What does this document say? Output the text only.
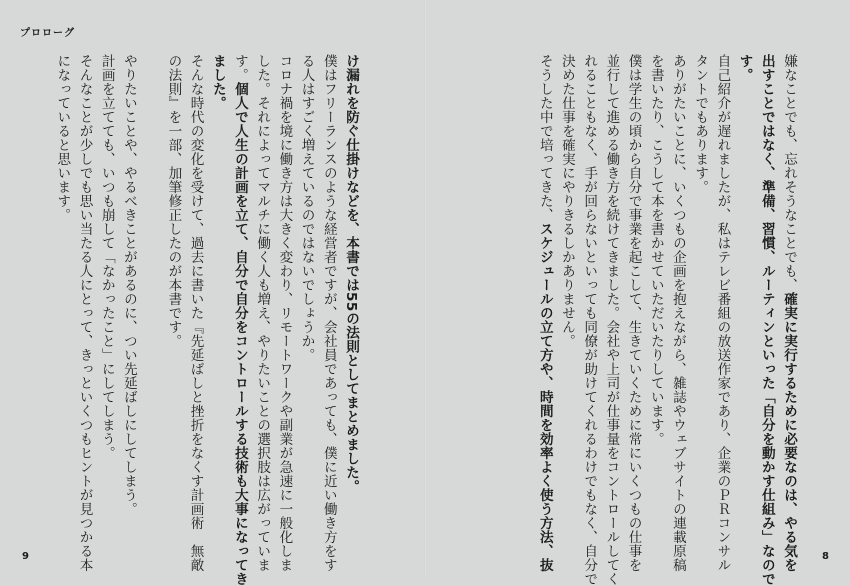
プロローグ
け漏れを防ぐ仕掛けなどを、本書では55の法則としてまとめました。
僕はフリーランスのような経営者ですが、会社員であっても、僕に近い働き方をす
る人はすごく増えているのではないでしょうか。
コロナ禍を境に働き方は大きく変わり、リモートワークや副業が急速に一般化しま
した。それによってマルチに働く人も増え、やりたいことの選択肢は広がっていま
す。個人で人生の計画を立て、自分で自分をコントロールする技術も大事になってき
ました。
そんな時代の変化を受けて、過去に書いた『先延ばしと挫折をなくす計画術　無敵
の法則』を一部、加筆修正したのが本書です。

やりたいことや、やるべきことがあるのに、つい先延ばしにしてしまう。
計画を立てても、いつも崩して「なかったこと」にしてしまう。
そんなことが少しでも思い当たる人にとって、きっといくつもヒントが見つかる本
になっていると思います。	嫌なことでも、忘れそうなことでも、確実に実行するために必要なのは、やる気を
出すことではなく、準備、習慣、ルーティンといった「自分を動かす仕組み」なので
す。
自己紹介が遅れましたが、私はテレビ番組の放送作家であり、企業のＰＲコンサル
タントでもあります。
ありがたいことに、いくつもの企画を抱えながら、雑誌やウェブサイトの連載原稿
を書いたり、こうして本を書かせていただいたりしています。
僕は学生の頃から自分で事業を起こして、生きていくために常にいくつもの仕事を
並行して進める働き方を続けてきました。会社や上司が仕事量をコントロールしてく
れることもなく、手が回らないといっても同僚が助けてくれるわけでもなく、自分で
決めた仕事を確実にやりきるしかありません。
そうした中で培ってきた、スケジュールの立て方や、時間を効率よく使う方法、抜
9	8
